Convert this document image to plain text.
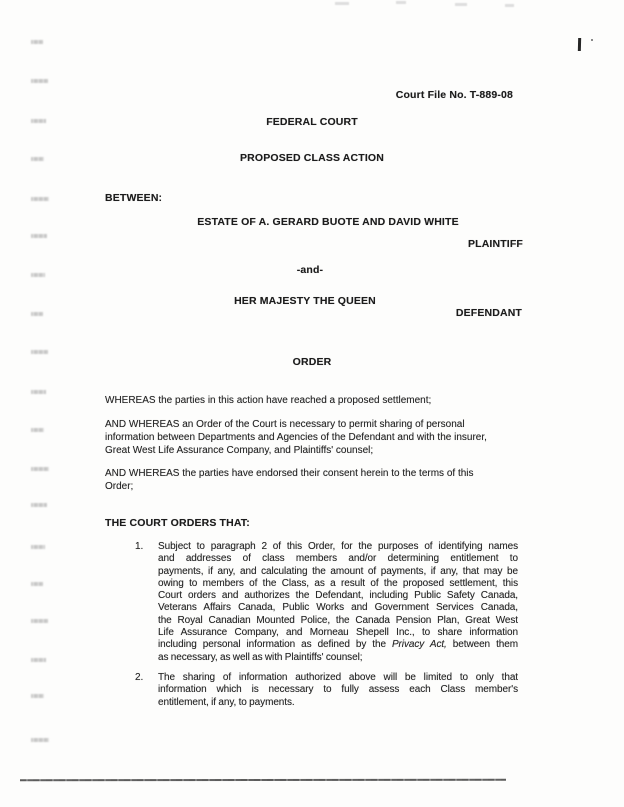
Court File No. T-889-08
FEDERAL COURT
PROPOSED CLASS ACTION
BETWEEN:
ESTATE OF A. GERARD BUOTE AND DAVID WHITE
PLAINTIFF
-and-
HER MAJESTY THE QUEEN
DEFENDANT
ORDER
WHEREAS the parties in this action have reached a proposed settlement;
AND WHEREAS an Order of the Court is necessary to permit sharing of personal
information between Departments and Agencies of the Defendant and with the insurer,
Great West Life Assurance Company, and Plaintiffs' counsel;
AND WHEREAS the parties have endorsed their consent herein to the terms of this
Order;
THE COURT ORDERS THAT:
1.	Subject to paragraph 2 of this Order, for the purposes of identifying names
and addresses of class members and/or determining entitlement to
payments, if any, and calculating the amount of payments, if any, that may be
owing to members of the Class, as a result of the proposed settlement, this
Court orders and authorizes the Defendant, including Public Safety Canada,
Veterans Affairs Canada, Public Works and Government Services Canada,
the Royal Canadian Mounted Police, the Canada Pension Plan, Great West
Life Assurance Company, and Morneau Shepell Inc., to share information
including personal information as defined by the Privacy Act, between them
as necessary, as well as with Plaintiffs' counsel;
2.	The sharing of information authorized above will be limited to only that
information which is necessary to fully assess each Class member's
entitlement, if any, to payments.
